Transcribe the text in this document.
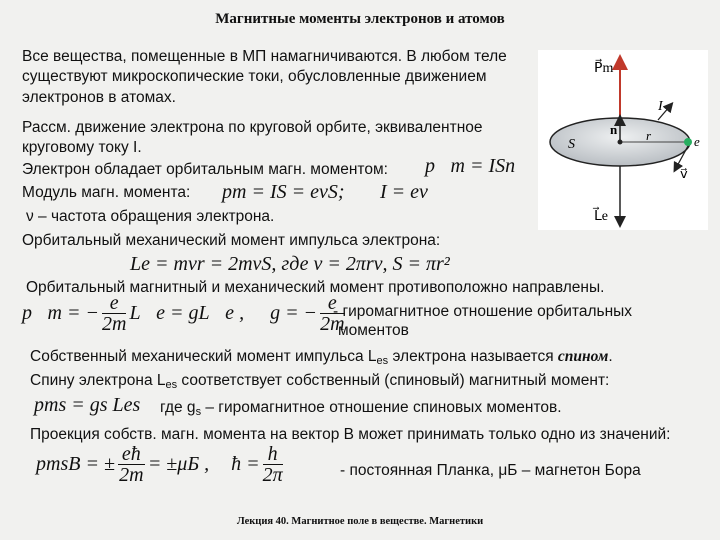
Магнитные моменты электронов и атомов
Все вещества, помещенные в МП намагничиваются. В любом теле
существуют микроскопические токи, обусловленные движением
электронов в атомах.
Рассм. движение электрона по круговой орбите, эквивалентное
круговому току I.
Электрон обладает орбитальным магн. моментом: p⃗m = ISn⃗
Модуль магн. момента: pm = IS = eνS; I = eν
ν – частота обращения электрона.
Орбитальный механический момент импульса электрона:
Le = mvr = 2mνS, где v = 2πrν, S = πr²
Орбитальный магнитный и механический момент противоположно направлены.
p⃗m = − $\frac{e}{2m}$ L⃗e = gL⃗e , g = − $\frac{e}{2m}$
- гиромагнитное отношение орбитальных
моментов
Собственный механический момент импульса $L_{es}$ электрона называется спином.
Спину электрона $L_{es}$ соответствует собственный (спиновый) магнитный момент:
pms = gs Les где $g_s$ – гиромагнитное отношение спиновых моментов.
Проекция собств. магн. момента на вектор B может принимать только одно из значений:
pmsB = ± $\frac{eħ}{2m} = \pm\mu Б$ , ħ = $\frac{h}{2\pi}$	- постоянная Планка, μБ – магнетон Бора
P⃗m
I
n⃗ r
S	e
v⃗
L⃗e
Лекция 40. Магнитное поле в веществе. Магнетики
